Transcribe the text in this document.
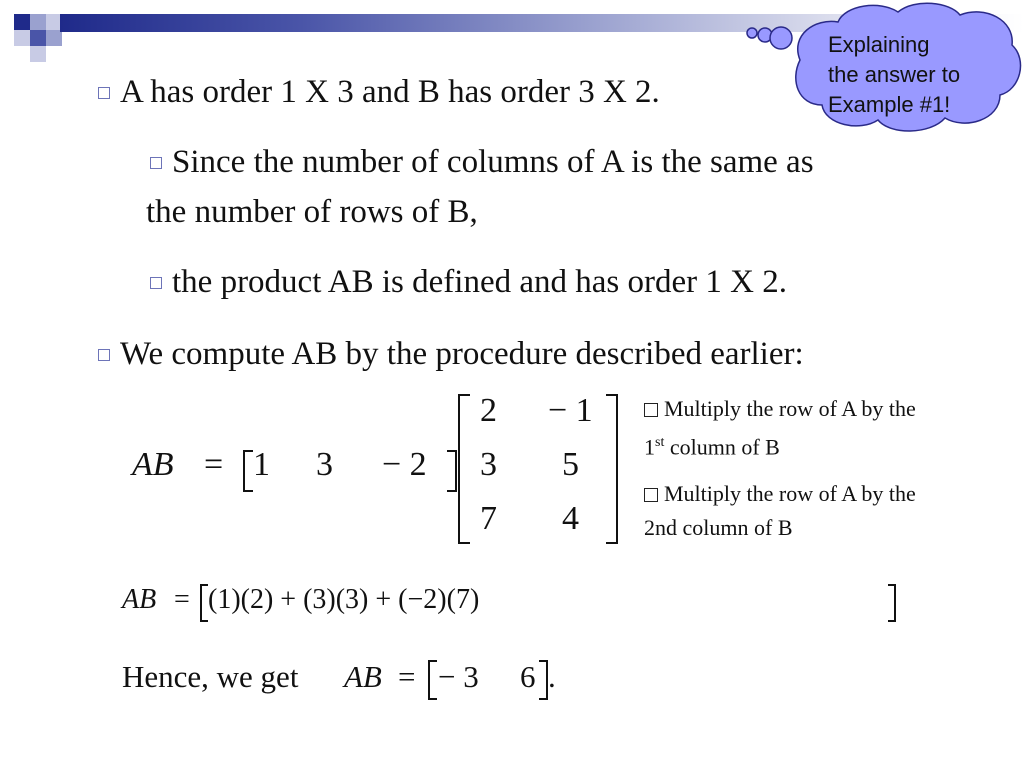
Explaining
the answer to
Example #1!
A has order 1 X 3 and B has order 3 X 2.
Since the number of columns of A is the same as
the number of rows of B,
the product AB is defined and has order 1 X 2.
We compute AB by the procedure described earlier:
AB = 1 3 − 2
2 − 1
3 5
7 4
Multiply the row of A by the
1st column of B
Multiply the row of A by the
2nd column of B
AB = (1)(2) + (3)(3) + (−2)(7)
Hence, we get AB = − 3 6 .
